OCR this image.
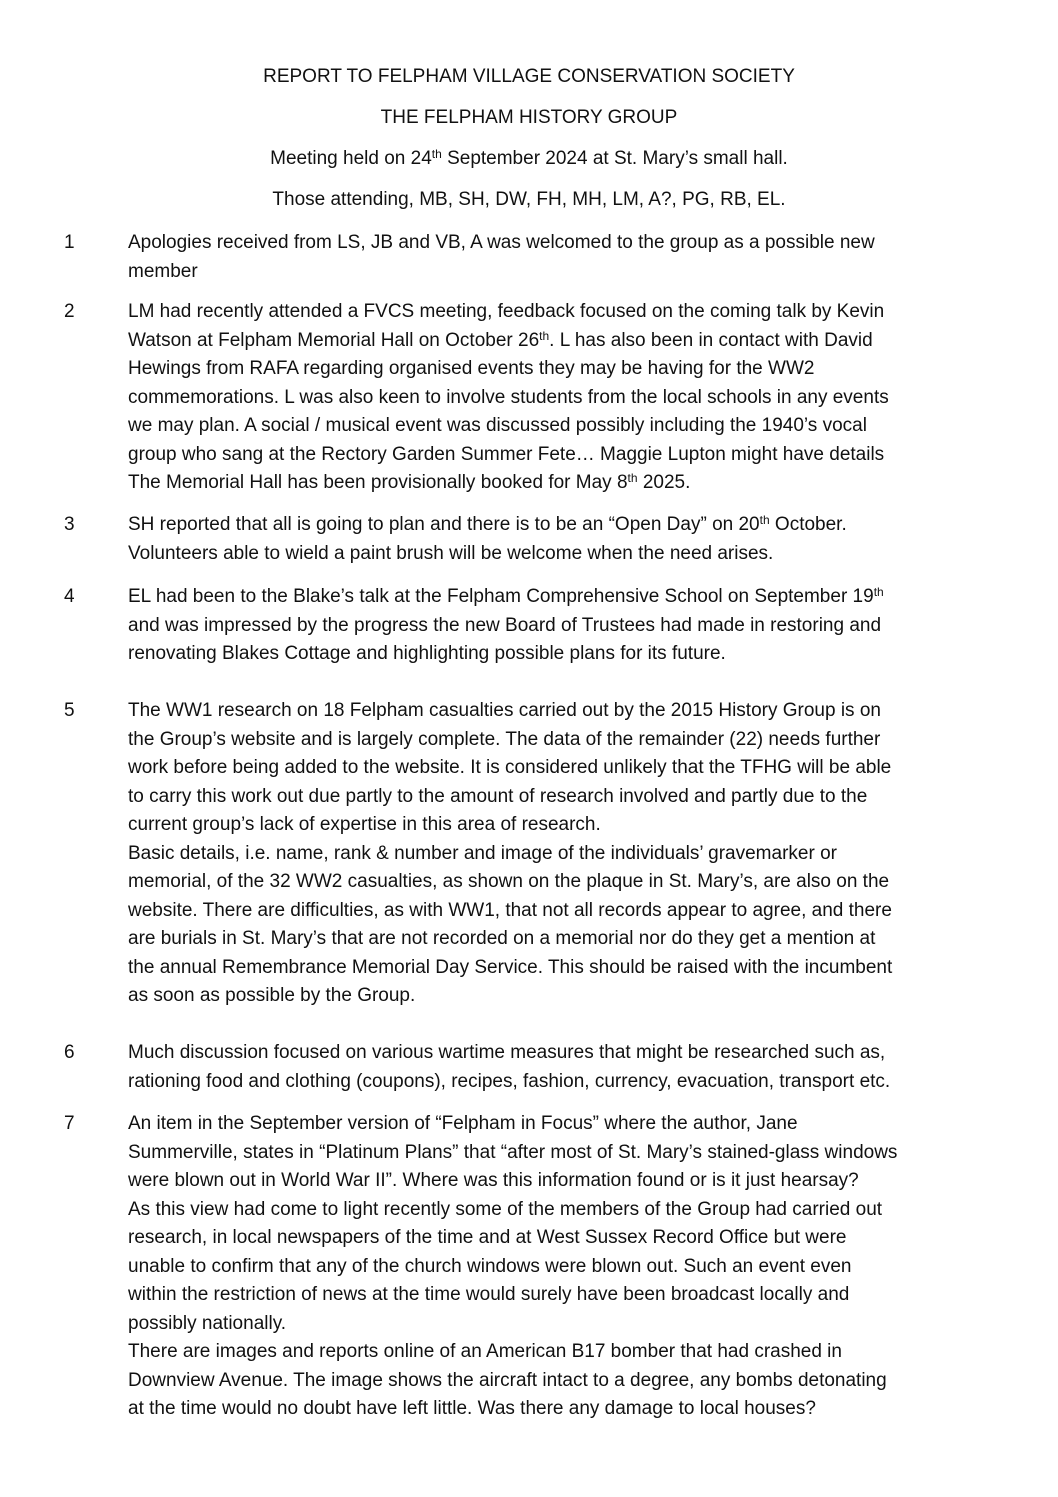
REPORT TO FELPHAM VILLAGE CONSERVATION SOCIETY
THE FELPHAM HISTORY GROUP
Meeting held on 24th September 2024 at St. Mary’s small hall.
Those attending, MB, SH, DW, FH, MH, LM, A?, PG, RB, EL.
1	Apologies received from LS, JB and VB, A was welcomed to the group as a possible new

member

2	LM had recently attended a FVCS meeting, feedback focused on the coming talk by Kevin

Watson at Felpham Memorial Hall on October 26th. L has also been in contact with David

Hewings from RAFA regarding organised events they may be having for the WW2

commemorations. L was also keen to involve students from the local schools in any events

we may plan. A social / musical event was discussed possibly including the 1940’s vocal

group who sang at the Rectory Garden Summer Fete… Maggie Lupton might have details

The Memorial Hall has been provisionally booked for May 8th 2025.

3	SH reported that all is going to plan and there is to be an “Open Day” on 20th October.

Volunteers able to wield a paint brush will be welcome when the need arises.

4	EL had been to the Blake’s talk at the Felpham Comprehensive School on September 19th

and was impressed by the progress the new Board of Trustees had made in restoring and

renovating Blakes Cottage and highlighting possible plans for its future.

5	The WW1 research on 18 Felpham casualties carried out by the 2015 History Group is on

the Group’s website and is largely complete. The data of the remainder (22) needs further

work before being added to the website. It is considered unlikely that the TFHG will be able

to carry this work out due partly to the amount of research involved and partly due to the

current group’s lack of expertise in this area of research.

Basic details, i.e. name, rank & number and image of the individuals’ gravemarker or

memorial, of the 32 WW2 casualties, as shown on the plaque in St. Mary’s, are also on the

website. There are difficulties, as with WW1, that not all records appear to agree, and there

are burials in St. Mary’s that are not recorded on a memorial nor do they get a mention at

the annual Remembrance Memorial Day Service. This should be raised with the incumbent

as soon as possible by the Group.

6	Much discussion focused on various wartime measures that might be researched such as,

rationing food and clothing (coupons), recipes, fashion, currency, evacuation, transport etc.

7	An item in the September version of “Felpham in Focus” where the author, Jane

Summerville, states in “Platinum Plans” that “after most of St. Mary’s stained-glass windows

were blown out in World War II”. Where was this information found or is it just hearsay?

As this view had come to light recently some of the members of the Group had carried out

research, in local newspapers of the time and at West Sussex Record Office but were

unable to confirm that any of the church windows were blown out. Such an event even

within the restriction of news at the time would surely have been broadcast locally and

possibly nationally.

There are images and reports online of an American B17 bomber that had crashed in

Downview Avenue. The image shows the aircraft intact to a degree, any bombs detonating

at the time would no doubt have left little. Was there any damage to local houses?
